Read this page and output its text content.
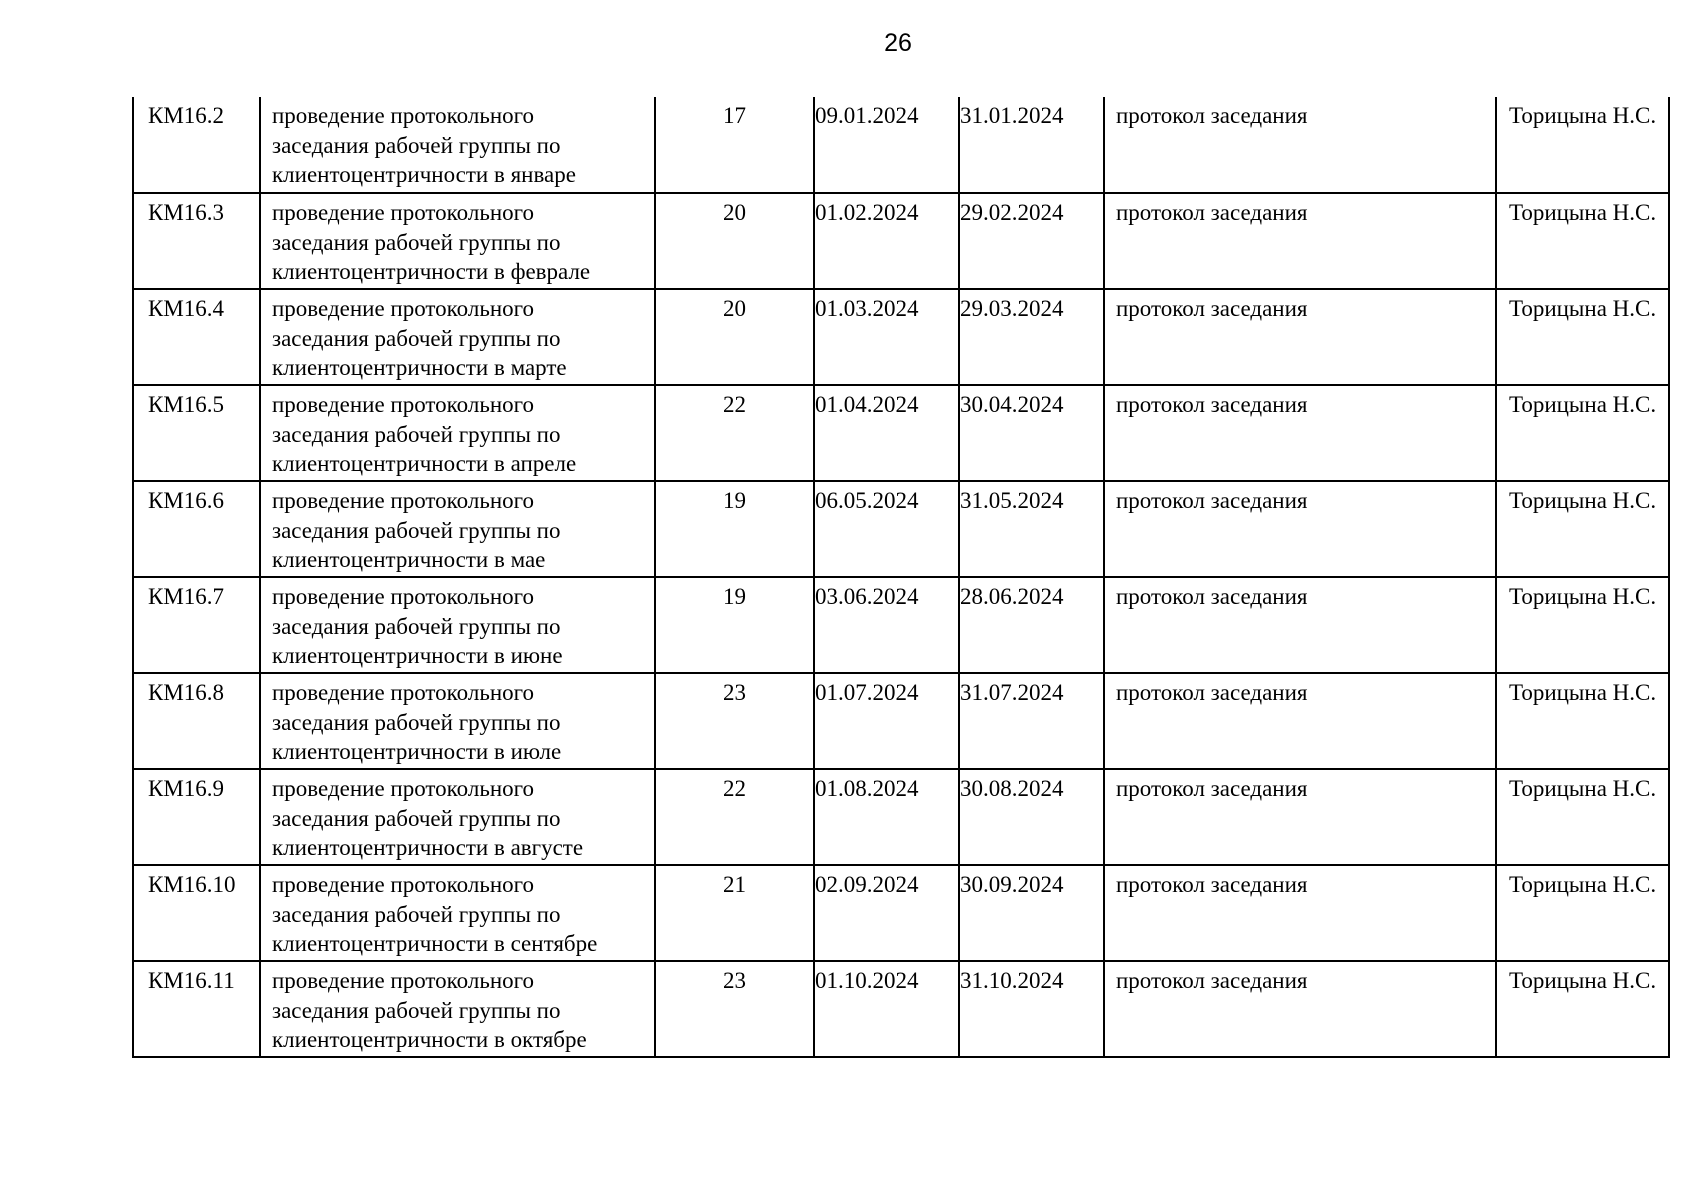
26
КМ16.2	проведение протокольного
заседания рабочей группы по
клиентоцентричности в январе	17	09.01.2024	31.01.2024	протокол заседания	Торицына Н.С.
КМ16.3	проведение протокольного
заседания рабочей группы по
клиентоцентричности в феврале	20	01.02.2024	29.02.2024	протокол заседания	Торицына Н.С.
КМ16.4	проведение протокольного
заседания рабочей группы по
клиентоцентричности в марте	20	01.03.2024	29.03.2024	протокол заседания	Торицына Н.С.
КМ16.5	проведение протокольного
заседания рабочей группы по
клиентоцентричности в апреле	22	01.04.2024	30.04.2024	протокол заседания	Торицына Н.С.
КМ16.6	проведение протокольного
заседания рабочей группы по
клиентоцентричности в мае	19	06.05.2024	31.05.2024	протокол заседания	Торицына Н.С.
КМ16.7	проведение протокольного
заседания рабочей группы по
клиентоцентричности в июне	19	03.06.2024	28.06.2024	протокол заседания	Торицына Н.С.
КМ16.8	проведение протокольного
заседания рабочей группы по
клиентоцентричности в июле	23	01.07.2024	31.07.2024	протокол заседания	Торицына Н.С.
КМ16.9	проведение протокольного
заседания рабочей группы по
клиентоцентричности в августе	22	01.08.2024	30.08.2024	протокол заседания	Торицына Н.С.
КМ16.10	проведение протокольного
заседания рабочей группы по
клиентоцентричности в сентябре	21	02.09.2024	30.09.2024	протокол заседания	Торицына Н.С.
КМ16.11	проведение протокольного
заседания рабочей группы по
клиентоцентричности в октябре	23	01.10.2024	31.10.2024	протокол заседания	Торицына Н.С.
